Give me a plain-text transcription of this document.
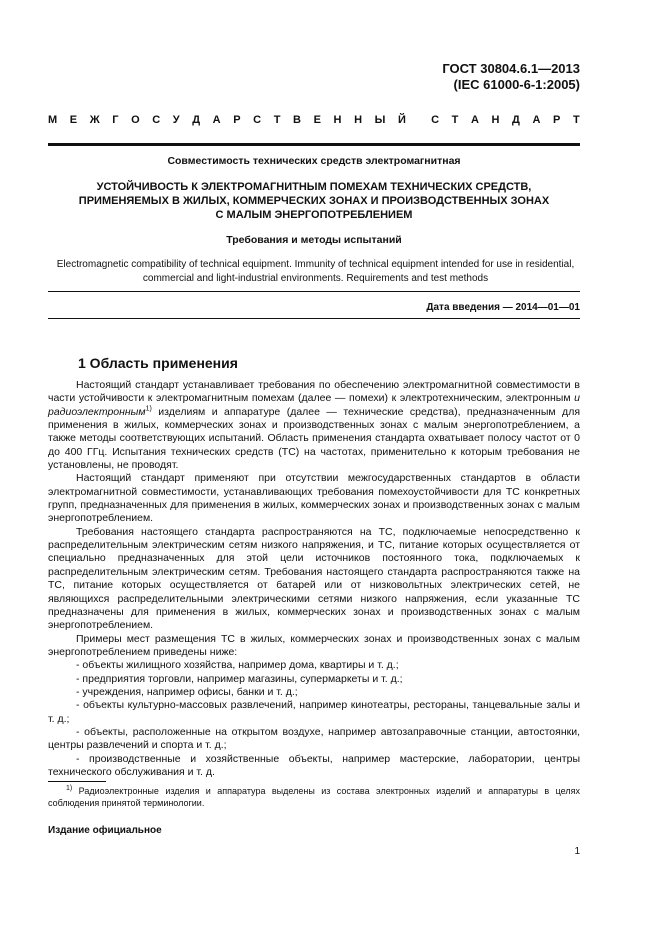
ГОСТ 30804.6.1—2013
(IEC 61000-6-1:2005)
М Е Ж Г О С У Д А Р С Т В Е Н Н Ы Й С Т А Н Д А Р Т
Совместимость технических средств электромагнитная
УСТОЙЧИВОСТЬ К ЭЛЕКТРОМАГНИТНЫМ ПОМЕХАМ ТЕХНИЧЕСКИХ СРЕДСТВ,
ПРИМЕНЯЕМЫХ В ЖИЛЫХ, КОММЕРЧЕСКИХ ЗОНАХ И ПРОИЗВОДСТВЕННЫХ ЗОНАХ
С МАЛЫМ ЭНЕРГОПОТРЕБЛЕНИЕМ
Требования и методы испытаний
Electromagnetic compatibility of technical equipment. Immunity of technical equipment intended for use in residential, commercial and light-industrial environments. Requirements and test methods
Дата введения — 2014—01—01
1 Область применения

Настоящий стандарт устанавливает требования по обеспечению электромагнитной совместимости в части устойчивости к электромагнитным помехам (далее — помехи) к электротехническим, электронным и радиоэлектронным$^{1)}$ изделиям и аппаратуре (далее — технические средства), предназначенным для применения в жилых, коммерческих зонах и производственных зонах с малым энергопотреблением, а также методы соответствующих испытаний. Область применения стандарта охватывает полосу частот от 0 до 400 ГГц. Испытания технических средств (ТС) на частотах, применительно к которым требования не установлены, не проводят.

Настоящий стандарт применяют при отсутствии межгосударственных стандартов в области электромагнитной совместимости, устанавливающих требования помехоустойчивости для ТС конкретных групп, предназначенных для применения в жилых, коммерческих зонах и производственных зонах с малым энергопотреблением.

Требования настоящего стандарта распространяются на ТС, подключаемые непосредственно к распределительным электрическим сетям низкого напряжения, и ТС, питание которых осуществляется от специально предназначенных для этой цели источников постоянного тока, подключаемых к распределительным электрическим сетям. Требования настоящего стандарта распространяются также на ТС, питание которых осуществляется от батарей или от низковольтных электрических сетей, не являющихся распределительными электрическими сетями низкого напряжения, если указанные ТС предназначены для применения в жилых, коммерческих зонах и производственных зонах с малым энергопотреблением.

Примеры мест размещения ТС в жилых, коммерческих зонах и производственных зонах с малым энергопотреблением приведены ниже:

- объекты жилищного хозяйства, например дома, квартиры и т. д.;

- предприятия торговли, например магазины, супермаркеты и т. д.;

- учреждения, например офисы, банки и т. д.;

- объекты культурно-массовых развлечений, например кинотеатры, рестораны, танцевальные залы и т. д.;

- объекты, расположенные на открытом воздухе, например автозаправочные станции, автостоянки, центры развлечений и спорта и т. д.;

- производственные и хозяйственные объекты, например мастерские, лаборатории, центры технического обслуживания и т. д.

$^{1)}$ Радиоэлектронные изделия и аппаратура выделены из состава электронных изделий и аппаратуры в целях соблюдения принятой терминологии.
Издание официальное
1
